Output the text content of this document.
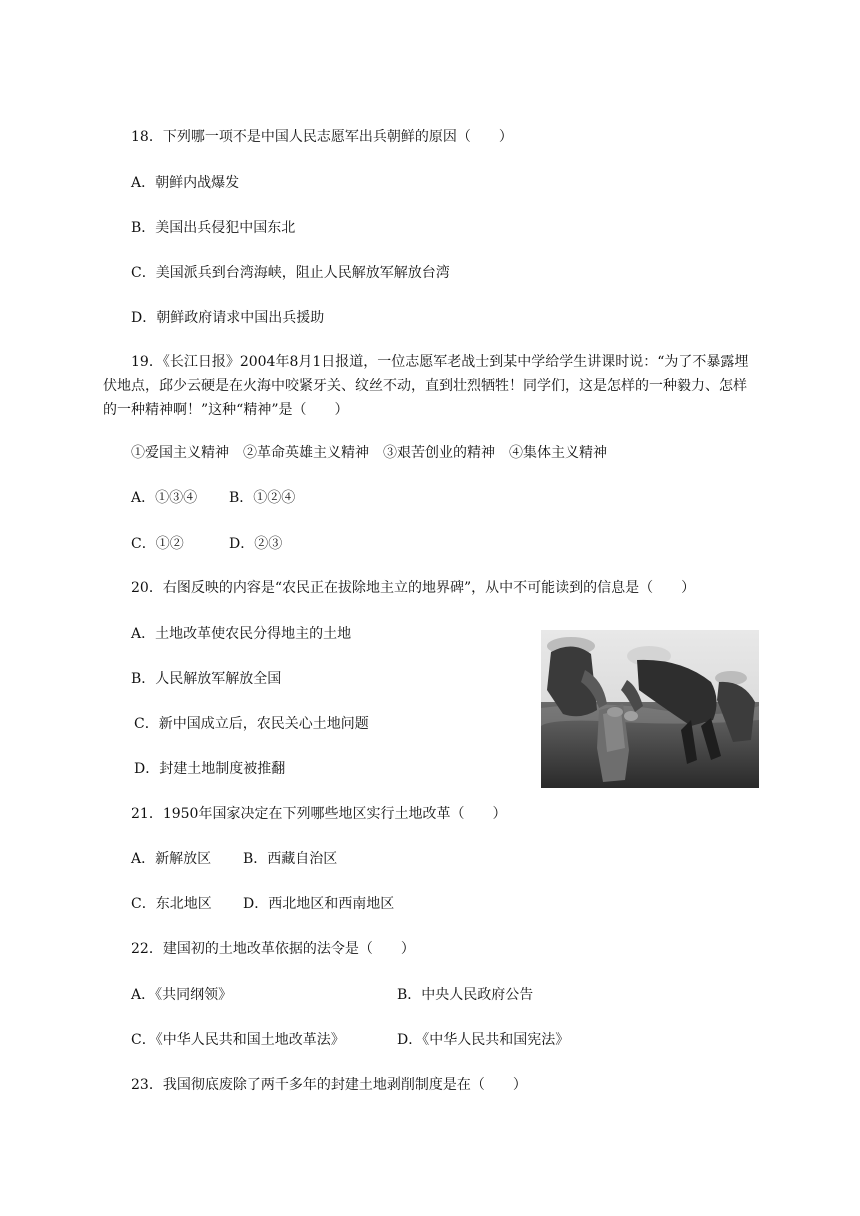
18．下列哪一项不是中国人民志愿军出兵朝鲜的原因（　　）
A．朝鲜内战爆发
B．美国出兵侵犯中国东北
C．美国派兵到台湾海峡，阻止人民解放军解放台湾
D．朝鲜政府请求中国出兵援助
19．《长江日报》2004年8月1日报道，一位志愿军老战士到某中学给学生讲课时说：“为了不暴露埋伏地点，邱少云硬是在火海中咬紧牙关、纹丝不动，直到壮烈牺牲！同学们，这是怎样的一种毅力、怎样的一种精神啊！”这种“精神”是（　　）
①爱国主义精神　②革命英雄主义精神　③艰苦创业的精神　④集体主义精神
A．①③④ B．①②④
C．①②	D．②③
20．右图反映的内容是“农民正在拔除地主立的地界碑”，从中不可能读到的信息是（　　）
A．土地改革使农民分得地主的土地
B．人民解放军解放全国
C．新中国成立后，农民关心土地问题
D．封建土地制度被推翻
21．1950年国家决定在下列哪些地区实行土地改革（　　）
A．新解放区 B．西藏自治区
C．东北地区 D．西北地区和西南地区
22．建国初的土地改革依据的法令是（　　）
A．《共同纲领》	B．中央人民政府公告
C．《中华人民共和国土地改革法》	D．《中华人民共和国宪法》
23．我国彻底废除了两千多年的封建土地剥削制度是在（　　）
